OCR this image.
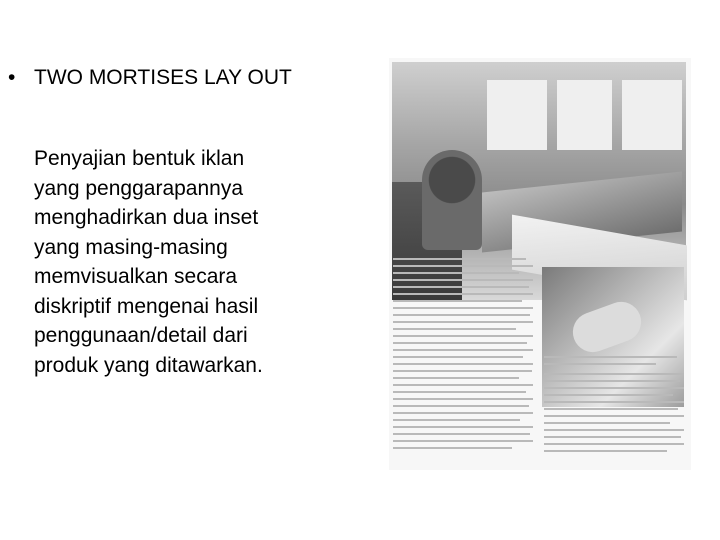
• TWO MORTISES LAY OUT
Penyajian bentuk iklan
yang penggarapannya
menghadirkan dua inset
yang masing-masing
memvisualkan secara
diskriptif mengenai hasil
penggunaan/detail dari
produk yang ditawarkan.
